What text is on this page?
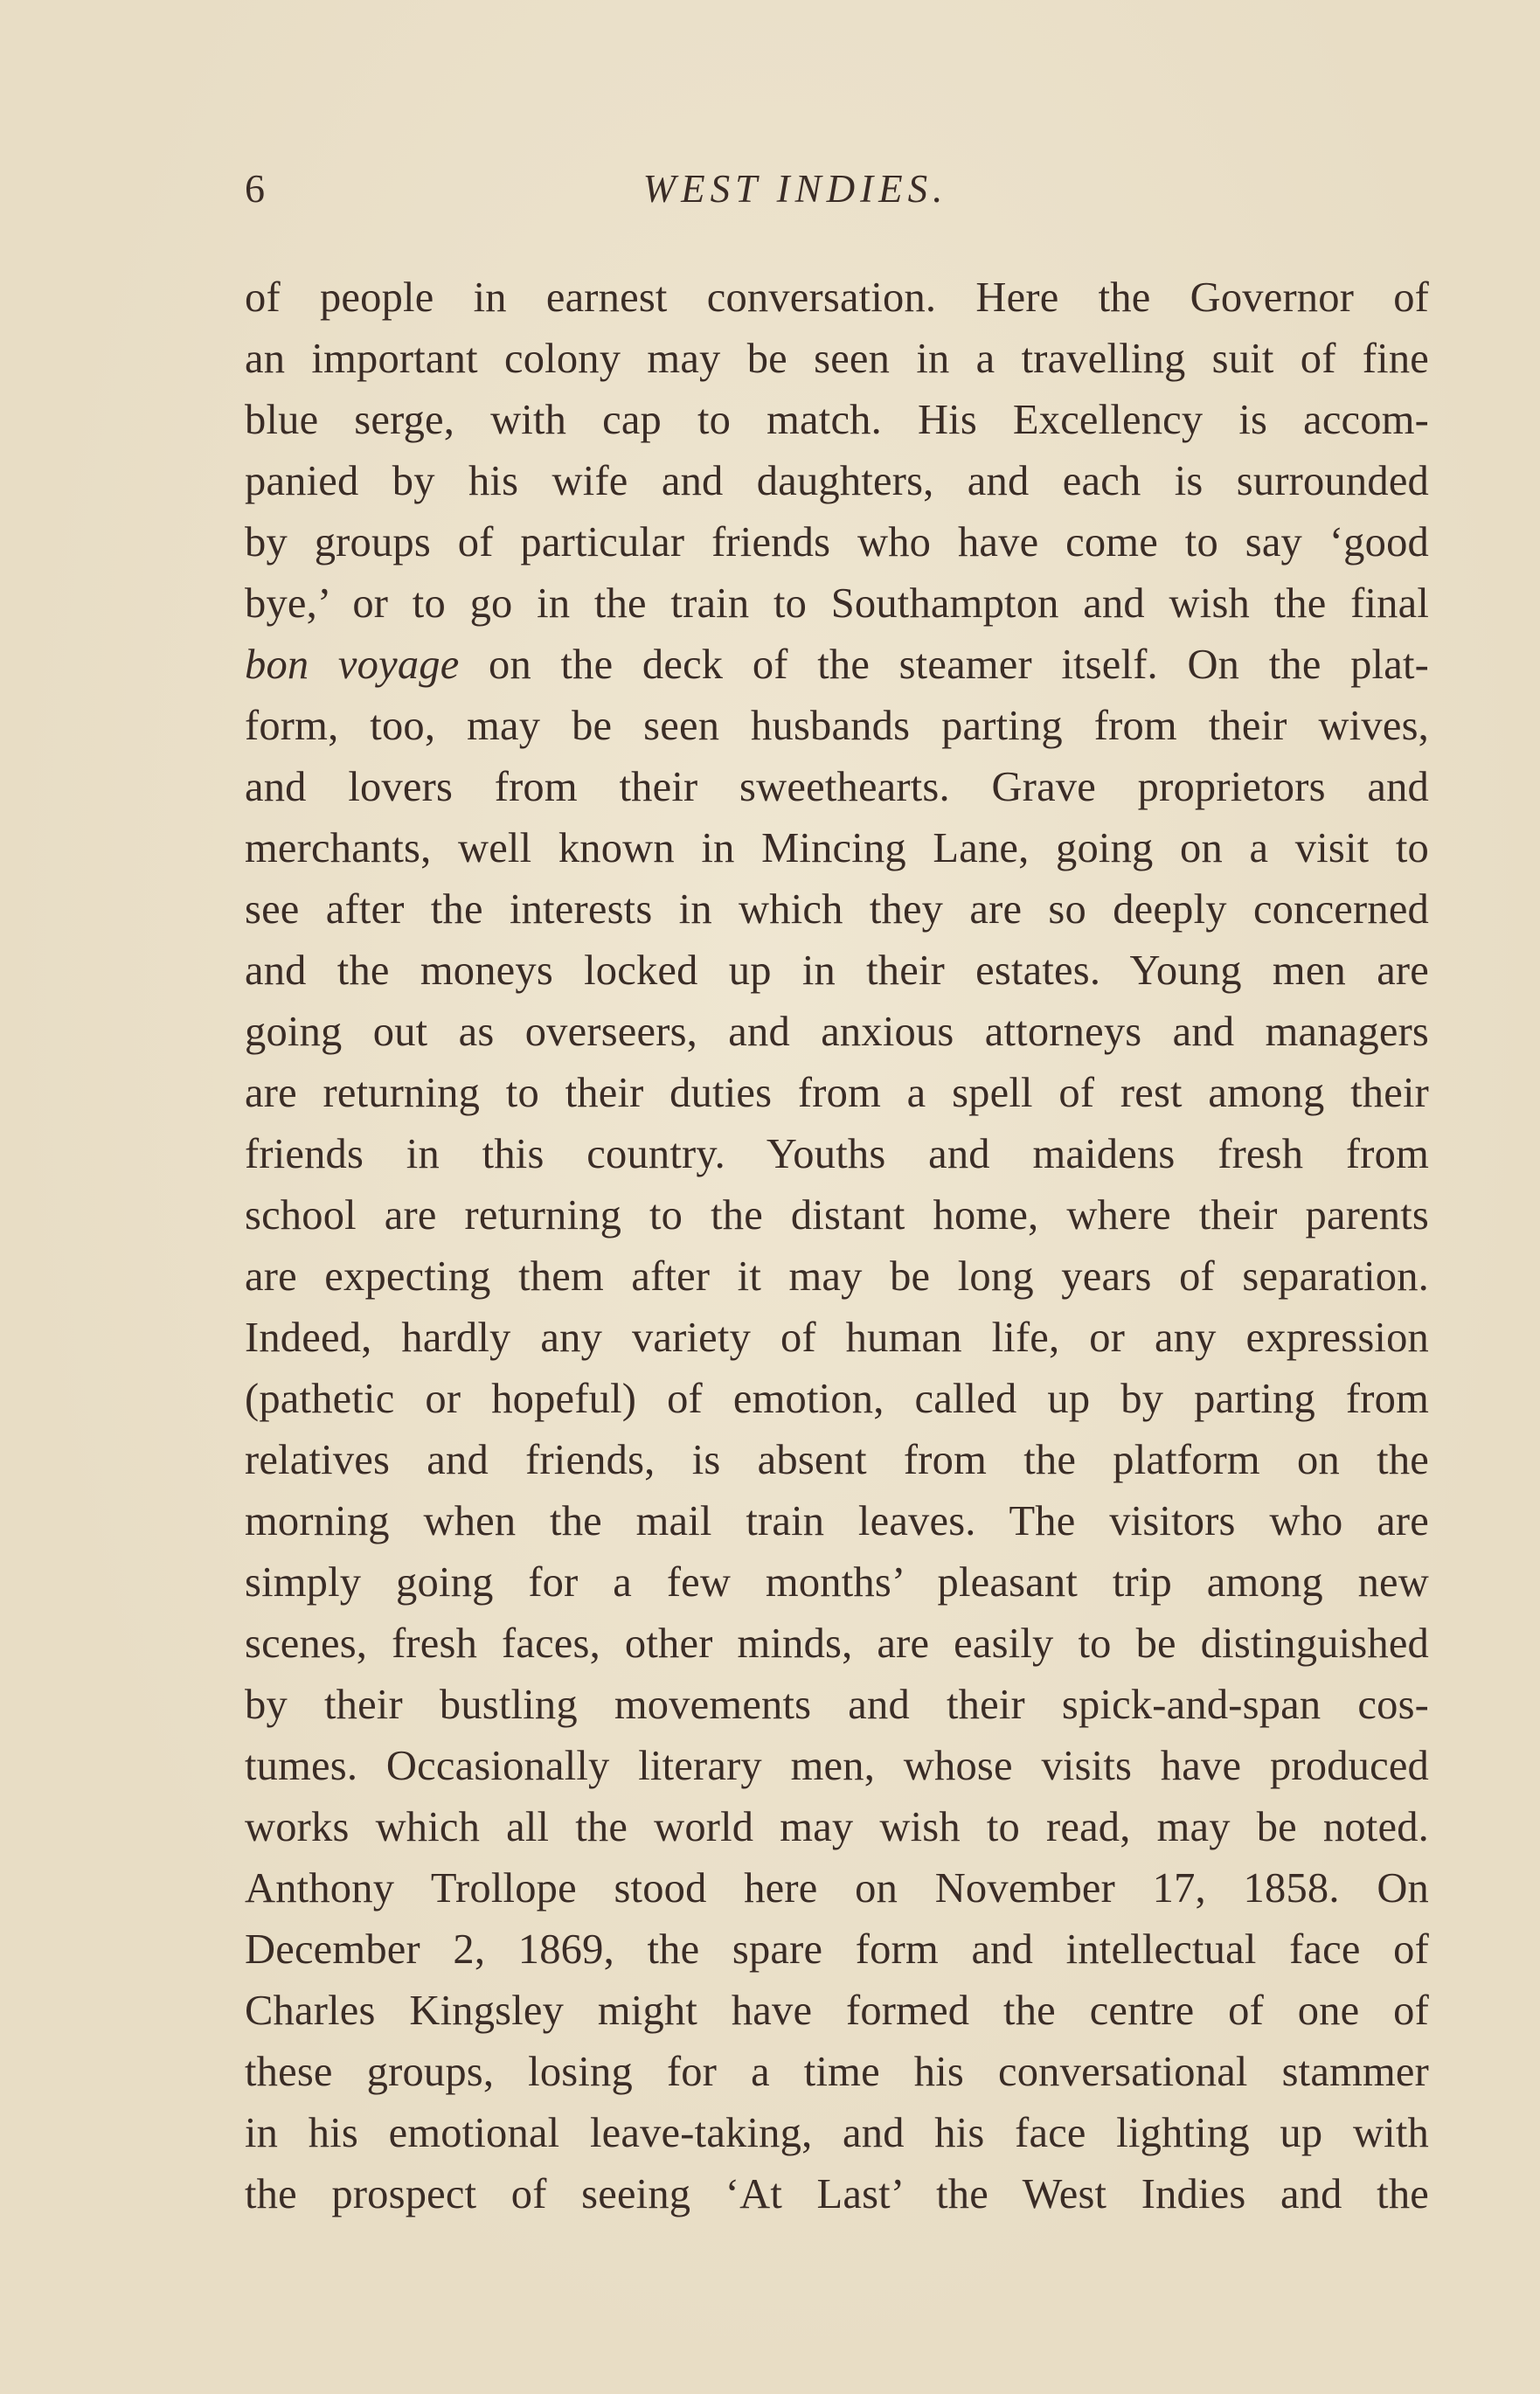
6	WEST INDIES.
of people in earnest conversation. Here the Governor of
an important colony may be seen in a travelling suit of fine
blue serge, with cap to match. His Excellency is accom-
panied by his wife and daughters, and each is surrounded
by groups of particular friends who have come to say ‘good
bye,’ or to go in the train to Southampton and wish the final
bon voyage on the deck of the steamer itself. On the plat-
form, too, may be seen husbands parting from their wives,
and lovers from their sweethearts. Grave proprietors and
merchants, well known in Mincing Lane, going on a visit to
see after the interests in which they are so deeply concerned
and the moneys locked up in their estates. Young men are
going out as overseers, and anxious attorneys and managers
are returning to their duties from a spell of rest among their
friends in this country. Youths and maidens fresh from
school are returning to the distant home, where their parents
are expecting them after it may be long years of separation.
Indeed, hardly any variety of human life, or any expression
(pathetic or hopeful) of emotion, called up by parting from
relatives and friends, is absent from the platform on the
morning when the mail train leaves. The visitors who are
simply going for a few months’ pleasant trip among new
scenes, fresh faces, other minds, are easily to be distinguished
by their bustling movements and their spick-and-span cos-
tumes. Occasionally literary men, whose visits have produced
works which all the world may wish to read, may be noted.
Anthony Trollope stood here on November 17, 1858. On
December 2, 1869, the spare form and intellectual face of
Charles Kingsley might have formed the centre of one of
these groups, losing for a time his conversational stammer
in his emotional leave-taking, and his face lighting up with
the prospect of seeing ‘At Last’ the West Indies and the
